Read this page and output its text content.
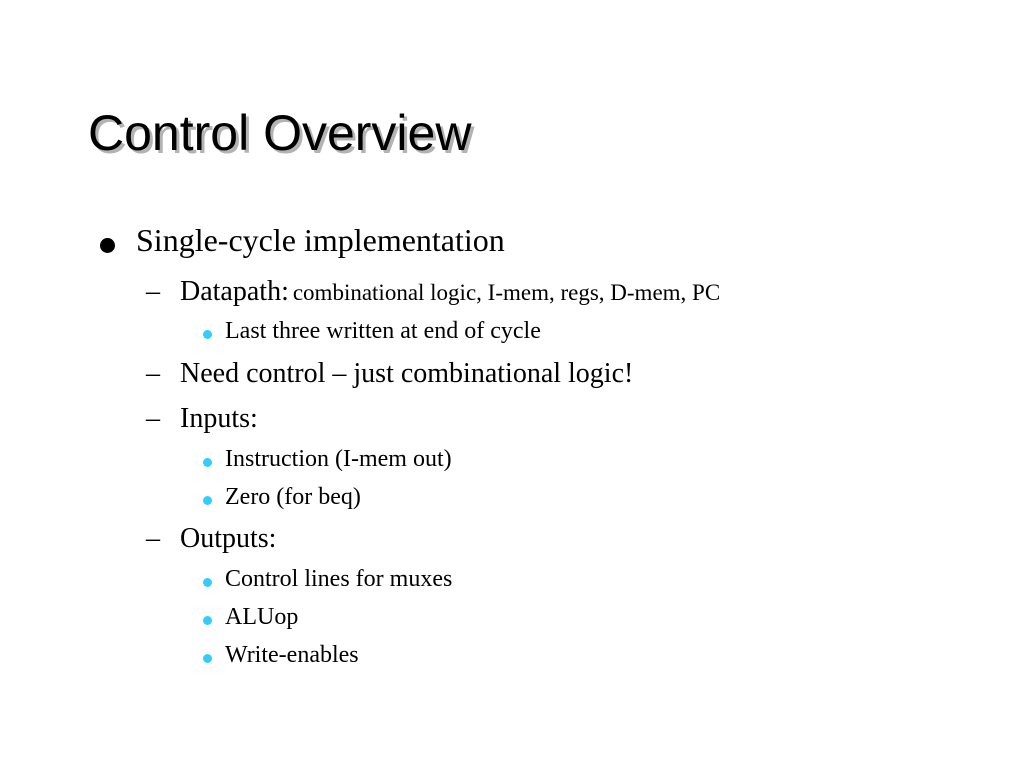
Control Overview
Single-cycle implementation
– Datapath: combinational logic, I-mem, regs, D-mem, PC
Last three written at end of cycle
– Need control – just combinational logic!
– Inputs:
Instruction (I-mem out)
Zero (for beq)
– Outputs:
Control lines for muxes
ALUop
Write-enables
